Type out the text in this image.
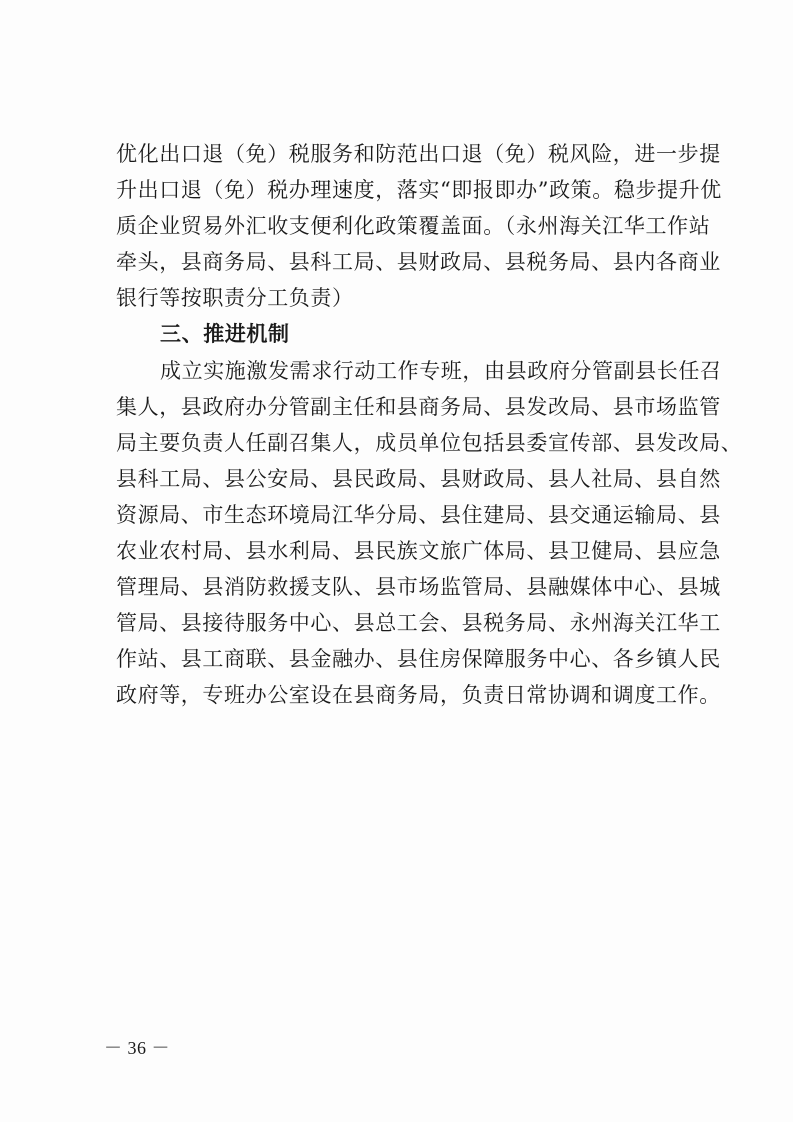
优化出口退（免）税服务和防范出口退（免）税风险，进一步提
升出口退（免）税办理速度，落实“即报即办”政策。稳步提升优
质企业贸易外汇收支便利化政策覆盖面。（永州海关江华工作站
牵头，县商务局、县科工局、县财政局、县税务局、县内各商业
银行等按职责分工负责）
三、推进机制
成立实施激发需求行动工作专班，由县政府分管副县长任召
集人，县政府办分管副主任和县商务局、县发改局、县市场监管
局主要负责人任副召集人，成员单位包括县委宣传部、县发改局、
县科工局、县公安局、县民政局、县财政局、县人社局、县自然
资源局、市生态环境局江华分局、县住建局、县交通运输局、县
农业农村局、县水利局、县民族文旅广体局、县卫健局、县应急
管理局、县消防救援支队、县市场监管局、县融媒体中心、县城
管局、县接待服务中心、县总工会、县税务局、永州海关江华工
作站、县工商联、县金融办、县住房保障服务中心、各乡镇人民
政府等，专班办公室设在县商务局，负责日常协调和调度工作。
－ 36 －
